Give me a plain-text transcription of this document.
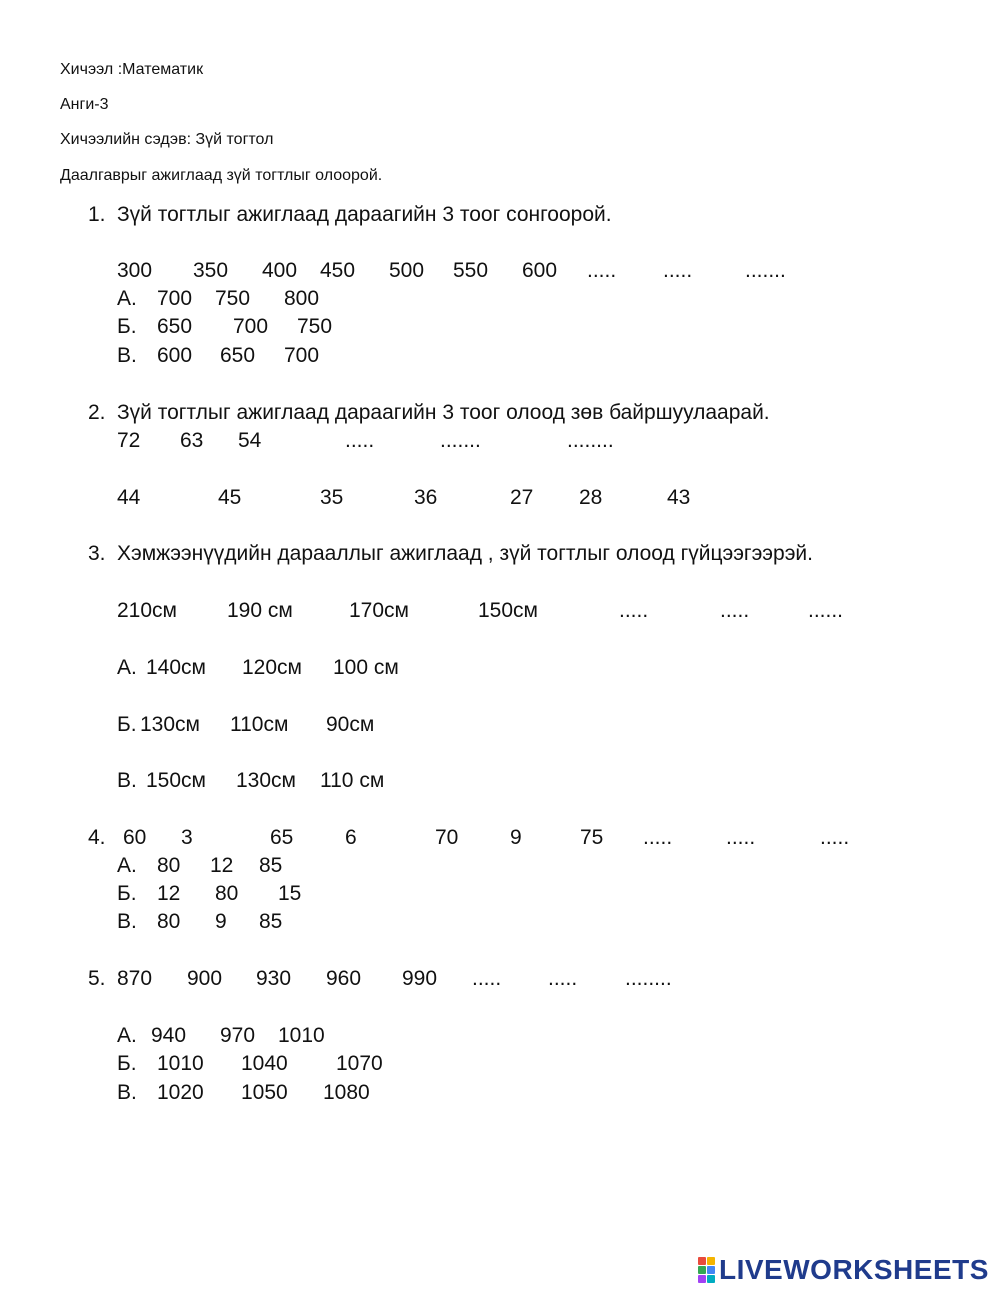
Хичээл :Математик
Анги-3
Хичээлийн сэдэв: Зүй тогтол
Даалгаврыг ажиглаад зүй тогтлыг олоорой.
1. Зүй тогтлыг ажиглаад дараагийн 3 тоог сонгоорой.
300 350 400 450 500 550 600 ..... .....	.......
А. 700 750 800
Б. 650 700 750
В. 600 650 700
2. Зүй тогтлыг ажиглаад дараагийн 3 тоог олоод зөв байршуулаарай.
72 63 54	.....	.......	........
44	45	35	36	27 28	43
3. Хэмжээнүүдийн дарааллыг ажиглаад , зүй тогтлыг олоод гүйцээгээрэй.
210см 190 см	170см	150см	.....	.....	......
А. 140см 120см 100 см
Б. 130см 110см 90см
В. 150см 130см 110 см
4. 60 3	65 6	70 9	75 .....	.....	.....
А. 80 12 85
Б. 12 80 15
В. 80 9 85
5. 870 900 930 960 990 ..... ..... ........
А. 940 970 1010
Б. 1010 1040 1070
В. 1020 1050 1080
LIVEWORKSHEETS
